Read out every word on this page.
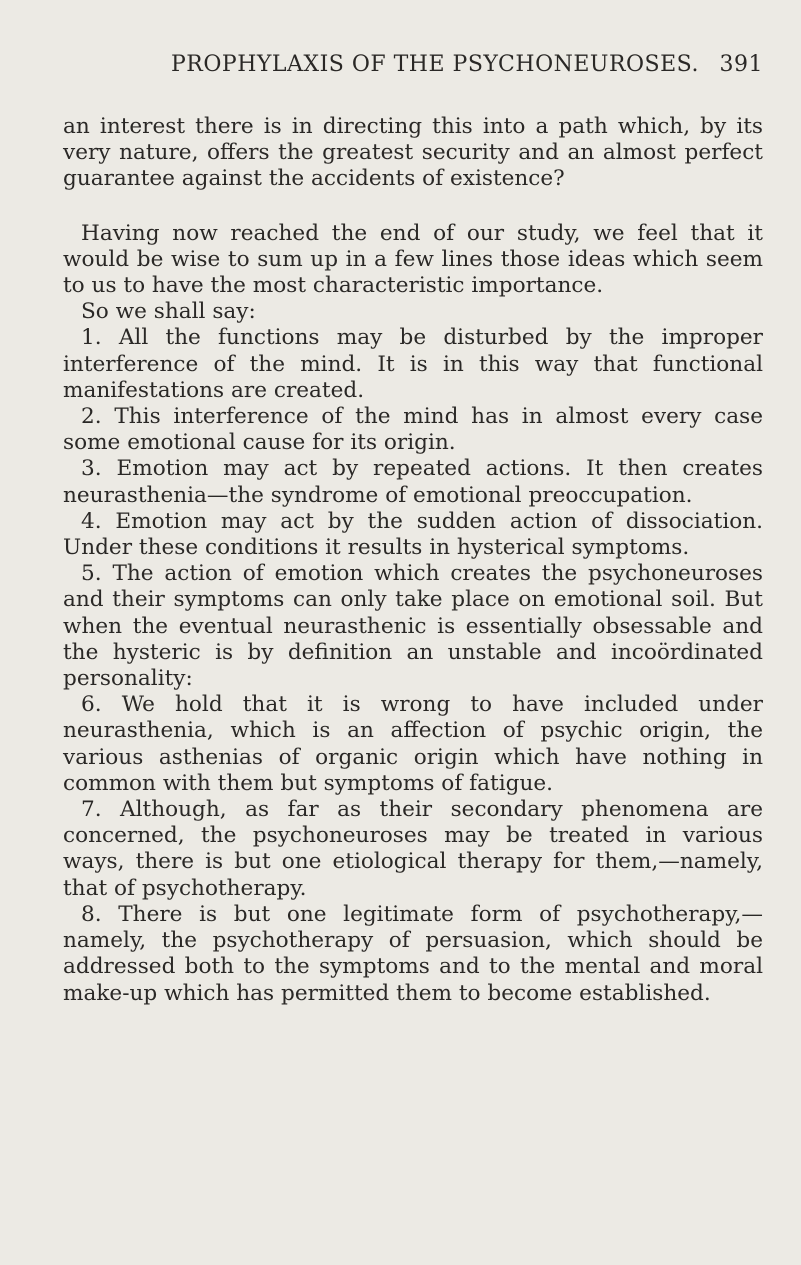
PROPHYLAXIS OF THE PSYCHONEUROSES. 391

an interest there is in directing this into a path which, by its very nature, offers the greatest security and an almost perfect guarantee against the accidents of existence?

Having now reached the end of our study, we feel that it would be wise to sum up in a few lines those ideas which seem to us to have the most characteristic importance.

So we shall say:

1. All the functions may be disturbed by the improper interference of the mind. It is in this way that functional manifestations are created.

2. This interference of the mind has in almost every case some emotional cause for its origin.

3. Emotion may act by repeated actions. It then creates neurasthenia—the syndrome of emotional preoccupation.

4. Emotion may act by the sudden action of dissociation. Under these conditions it results in hysterical symptoms.

5. The action of emotion which creates the psychoneuroses and their symptoms can only take place on emotional soil. But when the eventual neurasthenic is essentially obsessable and the hysteric is by definition an unstable and incoördinated personality:

6. We hold that it is wrong to have included under neurasthenia, which is an affection of psychic origin, the various asthenias of organic origin which have nothing in common with them but symptoms of fatigue.

7. Although, as far as their secondary phenomena are concerned, the psychoneuroses may be treated in various ways, there is but one etiological therapy for them,—namely, that of psychotherapy.

8. There is but one legitimate form of psychotherapy,—namely, the psychotherapy of persuasion, which should be addressed both to the symptoms and to the mental and moral make-up which has permitted them to become established.
